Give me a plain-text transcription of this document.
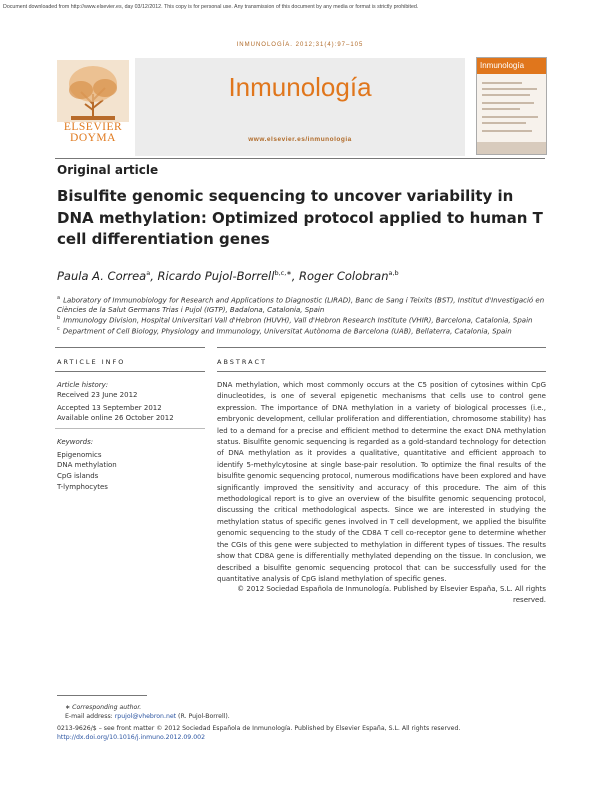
Document downloaded from http://www.elsevier.es, day 03/12/2012. This copy is for personal use. Any transmission of this document by any media or format is strictly prohibited.
INMUNOLOGÍA. 2012;31(4):97–105
ELSEVIER
DOYMA
Inmunología
www.elsevier.es/inmunologia
Inmunología
Original article
Bisulfite genomic sequencing to uncover variability in DNA methylation: Optimized protocol applied to human T cell differentiation genes
Paula A. Correa$^a$, Ricardo Pujol-Borrell$^{b,c,∗}$, Roger Colobran$^{a,b}$
$^a$ Laboratory of Immunobiology for Research and Applications to Diagnostic (LIRAD), Banc de Sang i Teixits (BST), Institut d'Investigació en Ciències de la Salut Germans Trias i Pujol (IGTP), Badalona, Catalonia, Spain
$^b$ Immunology Division, Hospital Universitari Vall d'Hebron (HUVH), Vall d'Hebron Research Institute (VHIR), Barcelona, Catalonia, Spain
$^c$ Department of Cell Biology, Physiology and Immunology, Universitat Autònoma de Barcelona (UAB), Bellaterra, Catalonia, Spain
ARTICLE INFO	ABSTRACT
Article history:
Received 23 June 2012
Accepted 13 September 2012
Available online 26 October 2012
Keywords:
Epigenomics
DNA methylation
CpG islands
T-lymphocytes
DNA methylation, which most commonly occurs at the C5 position of cytosines within CpG dinucleotides, is one of several epigenetic mechanisms that cells use to control gene expression. The importance of DNA methylation in a variety of biological processes (i.e., embryonic development, cellular proliferation and differentiation, chromosome stability) has led to a demand for a precise and efficient method to determine the exact DNA methylation status. Bisulfite genomic sequencing is regarded as a gold-standard technology for detection of DNA methylation as it provides a qualitative, quantitative and efficient approach to identify 5-methylcytosine at single base-pair resolution. To optimize the final results of the bisulfite genomic sequencing protocol, numerous modifications have been explored and have significantly improved the sensitivity and accuracy of this procedure. The aim of this methodological report is to give an overview of the bisulfite genomic sequencing protocol, discussing the critical methodological aspects. Since we are interested in studying the methylation status of specific genes involved in T cell development, we applied the bisulfite genomic sequencing to the study of the CD8A T cell co-receptor gene to determine whether the CGIs of this gene were subjected to methylation in different types of tissues. The results show that CD8A gene is differentially methylated depending on the tissue. In conclusion, we described a bisulfite genomic sequencing protocol that can be successfully used for the quantitative analysis of CpG island methylation of specific genes.
© 2012 Sociedad Española de Inmunología. Published by Elsevier España, S.L. All rights reserved.
∗ Corresponding author.
E-mail address: rpujol@vhebron.net (R. Pujol-Borrell).
0213-9626/$ – see front matter © 2012 Sociedad Española de Inmunología. Published by Elsevier España, S.L. All rights reserved.
http://dx.doi.org/10.1016/j.inmuno.2012.09.002
